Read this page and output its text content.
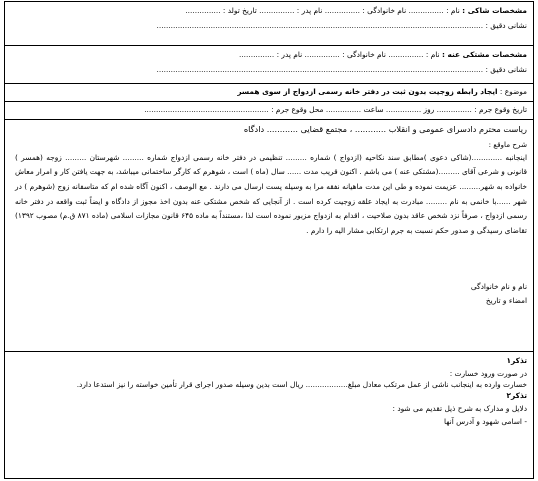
مشخصات شاکی : نام : ............... نام خانوادگی : ............... نام پدر : ............... تاریخ تولد : ...............
نشانی دقیق : ...........................................................................................................................................
مشخصات مشتکی عنه : نام : ............... نام خانوادگی : ............... نام پدر : ...............
نشانی دقیق : ...........................................................................................................................................
موضوع : ایجاد رابطه زوجیت بدون ثبت در دفتر خانه رسمی ازدواج از سوی همسر
تاریخ وقوع جرم : ............... روز ............... ساعت ............... محل وقوع جرم : .....................................................
ریاست محترم دادسرای عمومی و انقلاب ............ ، مجتمع قضایی ............ دادگاه
شرح ماوقع :
اینجانبه .............(شاکی دعوی )مطابق سند نکاحیه (ازدواج ) شماره ......... تنظیمی در دفتر خانه رسمی ازدواج شماره ......... شهرستان ......... زوجه (همسر ) قانونی و شرعی آقای .........(مشتکی عنه ) می باشم . اکنون قریب مدت ...... سال (ماه ) است ، شوهرم که کارگر ساختمانی میباشد، به جهت یافتن کار و امرار معاش خانواده به شهر......... عزیمت نموده و طی این مدت ماهیانه نفقه مرا به وسیله پست ارسال می دارند . مع الوصف ، اکنون آگاه شده ام که متاسفانه زوج (شوهرم ) در شهر ......با خانمی به نام ......... مبادرت به ایجاد علقه زوجیت کرده است . از آنجایی که شخص مشتکی عنه بدون اخذ مجوز از دادگاه و ایضاً ثبت واقعه در دفتر خانه رسمی ازدواج ، صرفاً نزد شخص عاقد بدون صلاحیت ، اقدام به ازدواج مزبور نموده است لذا ،مستنداً به ماده ۶۴۵ قانون مجازات اسلامی (ماده ۸۷۱ ق.م) مصوب ۱۳۹۲) تقاضای رسیدگی و صدور حکم نسبت به جرم ارتکابی مشار الیه را دارم .
نام و نام خانوادگی
امضاء و تاریخ
تذکر۱
در صورت ورود خسارت :
خسارت وارده به اینجانب ناشی از عمل مرتکب معادل مبلغ.................. ریال است بدین وسیله صدور اجرای قرار تأمین خواسته را نیز استدعا دارد.
تذکر۲
دلایل و مدارک به شرح ذیل تقدیم می شود :
- اسامی شهود و آدرس آنها
